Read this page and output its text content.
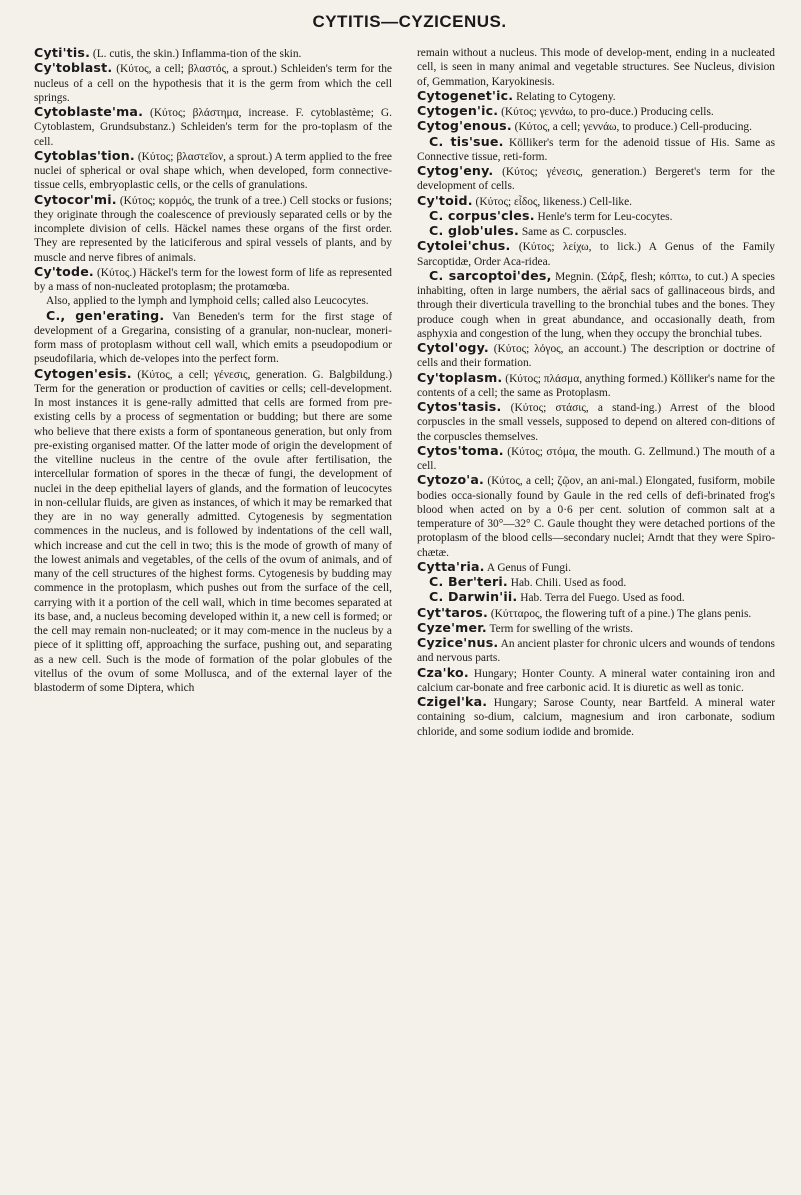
CYTITIS—CYZICENUS.

Cyti'tis. (L. cutis, the skin.) Inflamma-tion of the skin.

Cy'toblast. (Κύτος, a cell; βλαστός, a sprout.) Schleiden's term for the nucleus of a cell on the hypothesis that it is the germ from which the cell springs.

Cytoblaste'ma. (Κύτος; βλάστημα, increase. F. cytoblastème; G. Cytoblastem, Grundsubstanz.) Schleiden's term for the pro-toplasm of the cell.

Cytoblas'tion. (Κύτος; βλαστεῖον, a sprout.) A term applied to the free nuclei of spherical or oval shape which, when developed, form connective-tissue cells, embryoplastic cells, or the cells of granulations.

Cytocor'mi. (Κύτος; κορμός, the trunk of a tree.) Cell stocks or fusions; they originate through the coalescence of previously separated cells or by the incomplete division of cells. Häckel names these organs of the first order. They are represented by the laticiferous and spiral vessels of plants, and by muscle and nerve fibres of animals.

Cy'tode. (Κύτος.) Häckel's term for the lowest form of life as represented by a mass of non-nucleated protoplasm; the protamœba.

Also, applied to the lymph and lymphoid cells; called also Leucocytes.

C., gen'erating. Van Beneden's term for the first stage of development of a Gregarina, consisting of a granular, non-nuclear, moneri-form mass of protoplasm without cell wall, which emits a pseudopodium or pseudofilaria, which de-velopes into the perfect form.

Cytogen'esis. (Κύτος, a cell; γένεσις, generation. G. Balgbildung.) Term for the generation or production of cavities or cells; cell-development. In most instances it is gene-rally admitted that cells are formed from pre-existing cells by a process of segmentation or budding; but there are some who believe that there exists a form of spontaneous generation, but only from pre-existing organised matter. Of the latter mode of origin the development of the vitelline nucleus in the centre of the ovule after fertilisation, the intercellular formation of spores in the thecæ of fungi, the development of nuclei in the deep epithelial layers of glands, and the formation of leucocytes in non-cellular fluids, are given as instances, of which it may be remarked that they are in no way generally admitted. Cytogenesis by segmentation commences in the nucleus, and is followed by indentations of the cell wall, which increase and cut the cell in two; this is the mode of growth of many of the lowest animals and vegetables, of the cells of the ovum of animals, and of many of the cell structures of the highest forms. Cytogenesis by budding may commence in the protoplasm, which pushes out from the surface of the cell, carrying with it a portion of the cell wall, which in time becomes separated at its base, and, a nucleus becoming developed within it, a new cell is formed; or the cell may remain non-nucleated; or it may com-mence in the nucleus by a piece of it splitting off, approaching the surface, pushing out, and separating as a new cell. Such is the mode of formation of the polar globules of the vitellus of the ovum of some Mollusca, and of the external layer of the blastoderm of some Diptera, which

remain without a nucleus. This mode of develop-ment, ending in a nucleated cell, is seen in many animal and vegetable structures. See Nucleus, division of, Gemmation, Karyokinesis.

Cytogenet'ic. Relating to Cytogeny.

Cytogen'ic. (Κύτος; γεννάω, to pro-duce.) Producing cells.

Cytog'enous. (Κύτος, a cell; γεννάω, to produce.) Cell-producing.

C. tis'sue. Kölliker's term for the adenoid tissue of His. Same as Connective tissue, reti-form.

Cytog'eny. (Κύτος; γένεσις, generation.) Bergeret's term for the development of cells.

Cy'toid. (Κύτος; εἶδος, likeness.) Cell-like.

C. corpus'cles. Henle's term for Leu-cocytes.

C. glob'ules. Same as C. corpuscles.

Cytolei'chus. (Κύτος; λείχω, to lick.) A Genus of the Family Sarcoptidæ, Order Aca-ridea.

C. sarcoptoi'des, Megnin. (Σάρξ, flesh; κόπτω, to cut.) A species inhabiting, often in large numbers, the aërial sacs of gallinaceous birds, and through their diverticula travelling to the bronchial tubes and the bones. They produce cough when in great abundance, and occasionally death, from asphyxia and congestion of the lung, when they occupy the bronchial tubes.

Cytol'ogy. (Κύτος; λόγος, an account.) The description or doctrine of cells and their formation.

Cy'toplasm. (Κύτος; πλάσμα, anything formed.) Kölliker's name for the contents of a cell; the same as Protoplasm.

Cytos'tasis. (Κύτος; στάσις, a stand-ing.) Arrest of the blood corpuscles in the small vessels, supposed to depend on altered con-ditions of the corpuscles themselves.

Cytos'toma. (Κύτος; στόμα, the mouth. G. Zellmund.) The mouth of a cell.

Cytozo'a. (Κύτος, a cell; ζῷον, an ani-mal.) Elongated, fusiform, mobile bodies occa-sionally found by Gaule in the red cells of defi-brinated frog's blood when acted on by a 0·6 per cent. solution of common salt at a temperature of 30°—32° C. Gaule thought they were detached portions of the protoplasm of the blood cells—secondary nuclei; Arndt that they were Spiro-chætæ.

Cytta'ria. A Genus of Fungi.

C. Ber'teri. Hab. Chili. Used as food.

C. Darwin'ii. Hab. Terra del Fuego. Used as food.

Cyt'taros. (Κύτταρος, the flowering tuft of a pine.) The glans penis.

Cyze'mer. Term for swelling of the wrists.

Cyzice'nus. An ancient plaster for chronic ulcers and wounds of tendons and nervous parts.

Cza'ko. Hungary; Honter County. A mineral water containing iron and calcium car-bonate and free carbonic acid. It is diuretic as well as tonic.

Czigel'ka. Hungary; Sarose County, near Bartfeld. A mineral water containing so-dium, calcium, magnesium and iron carbonate, sodium chloride, and some sodium iodide and bromide.
